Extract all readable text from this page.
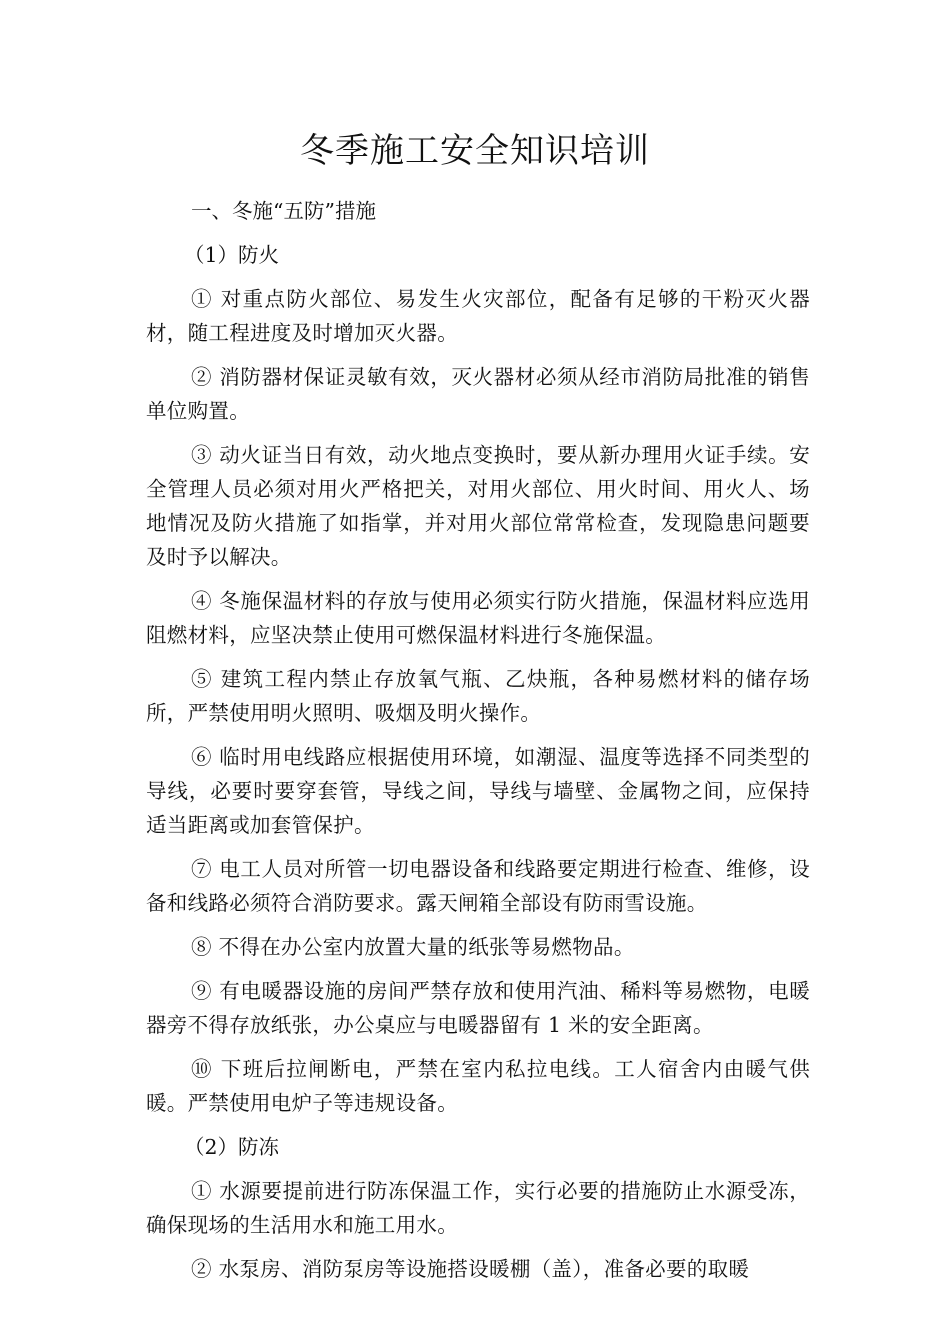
冬季施工安全知识培训

一、冬施“五防”措施

（1）防火

① 对重点防火部位、易发生火灾部位，配备有足够的干粉灭火器材，随工程进度及时增加灭火器。

② 消防器材保证灵敏有效，灭火器材必须从经市消防局批准的销售单位购置。

③ 动火证当日有效，动火地点变换时，要从新办理用火证手续。安全管理人员必须对用火严格把关，对用火部位、用火时间、用火人、场地情况及防火措施了如指掌，并对用火部位常常检查，发现隐患问题要及时予以解决。

④ 冬施保温材料的存放与使用必须实行防火措施，保温材料应选用阻燃材料，应坚决禁止使用可燃保温材料进行冬施保温。

⑤ 建筑工程内禁止存放氧气瓶、乙炔瓶，各种易燃材料的储存场所，严禁使用明火照明、吸烟及明火操作。

⑥ 临时用电线路应根据使用环境，如潮湿、温度等选择不同类型的导线，必要时要穿套管，导线之间，导线与墙壁、金属物之间，应保持适当距离或加套管保护。

⑦ 电工人员对所管一切电器设备和线路要定期进行检查、维修，设备和线路必须符合消防要求。露天闸箱全部设有防雨雪设施。

⑧ 不得在办公室内放置大量的纸张等易燃物品。

⑨ 有电暖器设施的房间严禁存放和使用汽油、稀料等易燃物，电暖器旁不得存放纸张，办公桌应与电暖器留有 1 米的安全距离。

⑩ 下班后拉闸断电，严禁在室内私拉电线。工人宿舍内由暖气供暖。严禁使用电炉子等违规设备。

（2）防冻

① 水源要提前进行防冻保温工作，实行必要的措施防止水源受冻，确保现场的生活用水和施工用水。

② 水泵房、消防泵房等设施搭设暖棚（盖），准备必要的取暖
